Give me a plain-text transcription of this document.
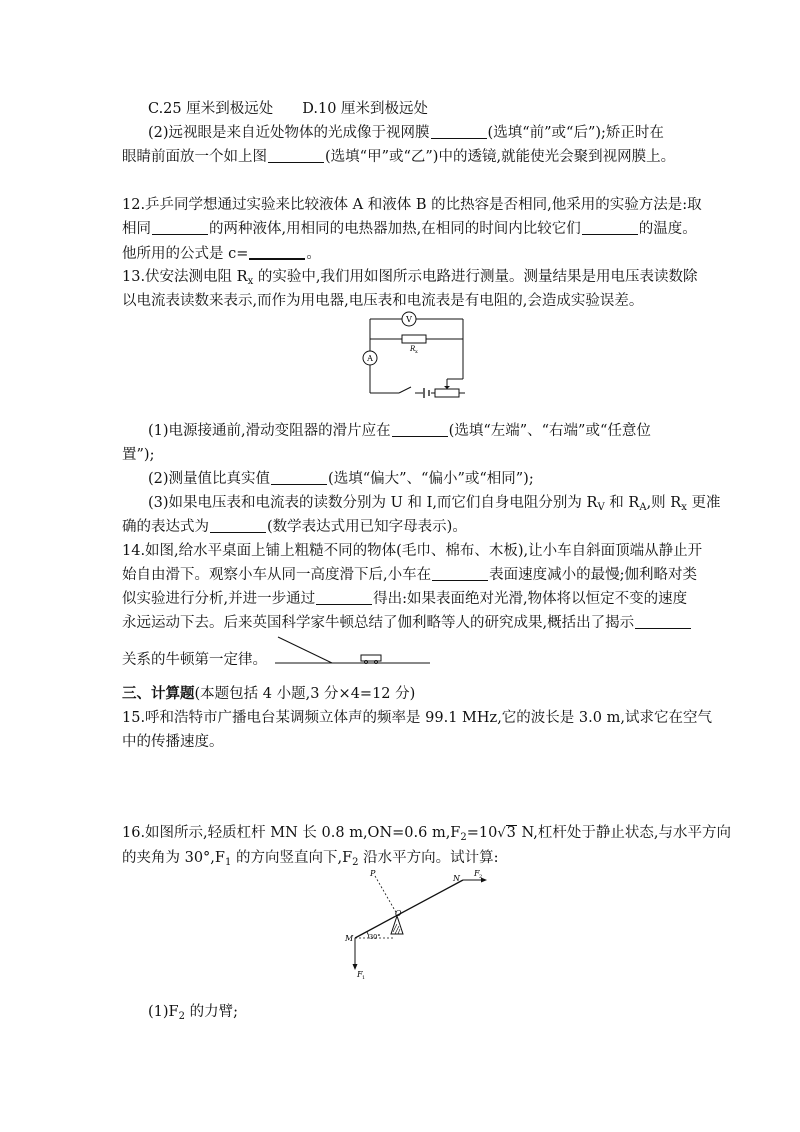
C.25 厘米到极远处　　D.10 厘米到极远处
(2)远视眼是来自近处物体的光成像于视网膜	(选填“前”或“后”);矫正时在
眼睛前面放一个如上图	(选填“甲”或“乙”)中的透镜,就能使光会聚到视网膜上。
12.乒乒同学想通过实验来比较液体 A 和液体 B 的比热容是否相同,他采用的实验方法是:取
相同	的两种液体,用相同的电热器加热,在相同的时间内比较它们	的温度。
他所用的公式是 c=	。
13.伏安法测电阻 $R_x$ 的实验中,我们用如图所示电路进行测量。测量结果是用电压表读数除
以电流表读数来表示,而作为用电器,电压表和电流表是有电阻的,会造成实验误差。
V
A
R x
(1)电源接通前,滑动变阻器的滑片应在	(选填“左端”、“右端”或“任意位
置”);
(2)测量值比真实值	(选填“偏大”、“偏小”或“相同”);
(3)如果电压表和电流表的读数分别为 U 和 I,而它们自身电阻分别为 $R_V$ 和 $R_A$,则 $R_x$ 更准
确的表达式为	(数学表达式用已知字母表示)。
14.如图,给水平桌面上铺上粗糙不同的物体(毛巾、棉布、木板),让小车自斜面顶端从静止开
始自由滑下。观察小车从同一高度滑下后,小车在	表面速度减小的最慢;伽利略对类
似实验进行分析,并进一步通过	得出:如果表面绝对光滑,物体将以恒定不变的速度
永远运动下去。后来英国科学家牛顿总结了伽利略等人的研究成果,概括出了揭示
关系的牛顿第一定律。
三、计算题(本题包括 4 小题,3 分×4=12 分)
15.呼和浩特市广播电台某调频立体声的频率是 99.1 MHz,它的波长是 3.0 m,试求它在空气
中的传播速度。
16.如图所示,轻质杠杆 MN 长 0.8 m,ON=0.6 $m,F_2=10√3$ N,杠杆处于静止状态,与水平方向
的夹角为 $30^\circ,F_1$ 的方向竖直向下$,F_2$ 沿水平方向。试计算:
P
N
F 2
O
M 30°
F 1
$(1)F_2$ 的力臂;
